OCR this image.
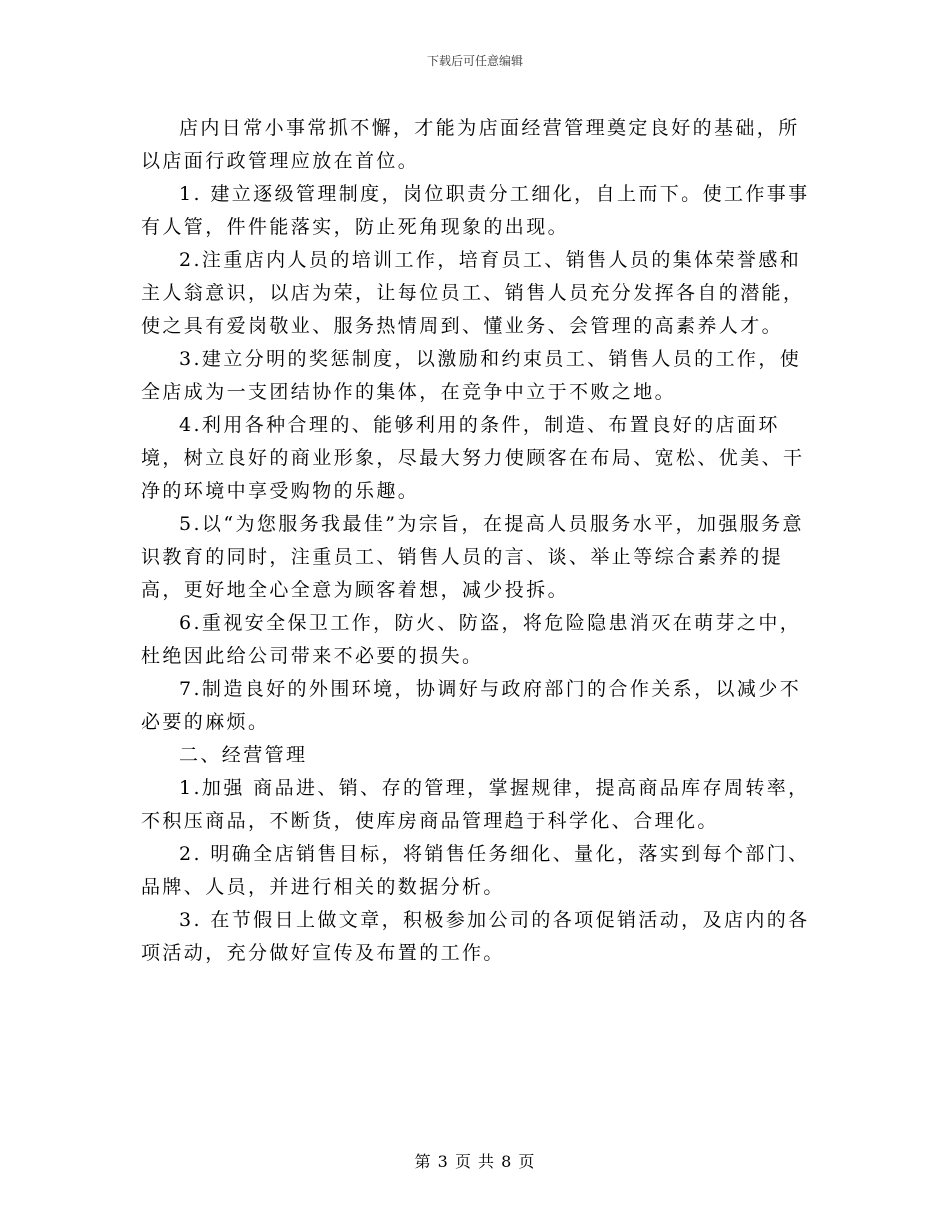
下载后可任意编辑

店内日常小事常抓不懈，才能为店面经营管理奠定良好的基础，所以店面行政管理应放在首位。

1. 建立逐级管理制度，岗位职责分工细化，自上而下。使工作事事有人管，件件能落实，防止死角现象的出现。

2.注重店内人员的培训工作，培育员工、销售人员的集体荣誉感和主人翁意识，以店为荣，让每位员工、销售人员充分发挥各自的潜能，使之具有爱岗敬业、服务热情周到、懂业务、会管理的高素养人才。

3.建立分明的奖惩制度，以激励和约束员工、销售人员的工作，使全店成为一支团结协作的集体，在竞争中立于不败之地。

4.利用各种合理的、能够利用的条件，制造、布置良好的店面环境，树立良好的商业形象，尽最大努力使顾客在布局、宽松、优美、干净的环境中享受购物的乐趣。

5.以“为您服务我最佳”为宗旨，在提高人员服务水平，加强服务意识教育的同时，注重员工、销售人员的言、谈、举止等综合素养的提高，更好地全心全意为顾客着想，减少投拆。

6.重视安全保卫工作，防火、防盗，将危险隐患消灭在萌芽之中，杜绝因此给公司带来不必要的损失。

7.制造良好的外围环境，协调好与政府部门的合作关系，以减少不必要的麻烦。

二、经营管理

1.加强 商品进、销、存的管理，掌握规律，提高商品库存周转率，不积压商品，不断货，使库房商品管理趋于科学化、合理化。

2. 明确全店销售目标，将销售任务细化、量化，落实到每个部门、品牌、人员，并进行相关的数据分析。

3. 在节假日上做文章，积极参加公司的各项促销活动，及店内的各项活动，充分做好宣传及布置的工作。

第 3 页 共 8 页
